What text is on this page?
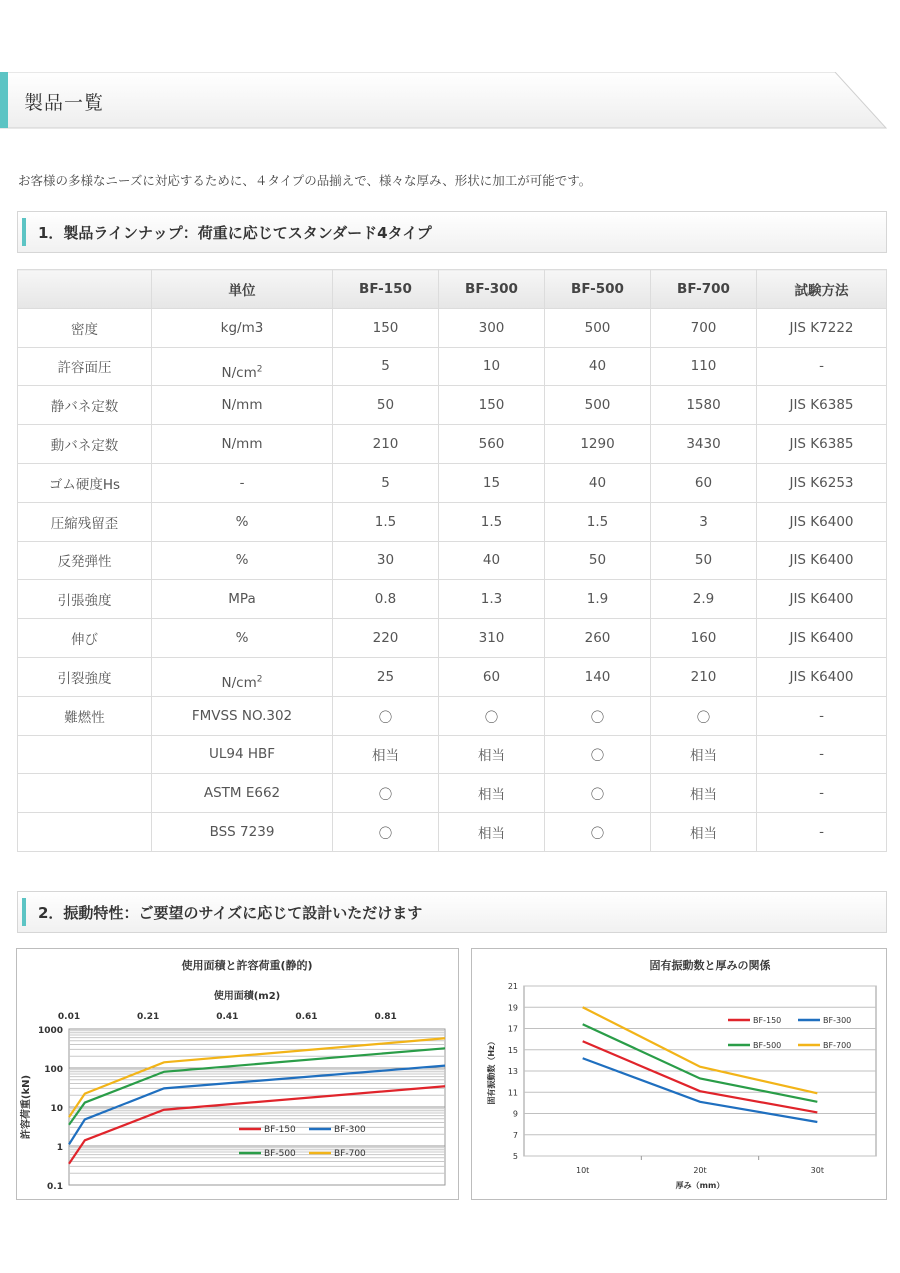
製品一覧
お客様の多様なニーズに対応するために、４タイプの品揃えで、様々な厚み、形状に加工が可能です。
1．製品ラインナップ：荷重に応じてスタンダード4タイプ
	単位	BF-150	BF-300	BF-500	BF-700	試験方法
密度	kg/m3	150	300	500	700	JIS K7222
許容面圧	$N/cm^2$	5	10	40	110	-
静バネ定数	N/mm	50	150	500	1580	JIS K6385
動バネ定数	N/mm	210	560	1290	3430	JIS K6385
ゴム硬度Hs	-	5	15	40	60	JIS K6253
圧縮残留歪	%	1.5	1.5	1.5	3	JIS K6400
反発弾性	%	30	40	50	50	JIS K6400
引張強度	MPa	0.8	1.3	1.9	2.9	JIS K6400
伸び	%	220	310	260	160	JIS K6400
引裂強度	$N/cm^2$	25	60	140	210	JIS K6400
難燃性	FMVSS NO.302	〇	〇	〇	〇	-
	UL94 HBF	相当	相当	〇	相当	-
	ASTM E662	〇	相当	〇	相当	-
	BSS 7239	〇	相当	〇	相当	-
2．振動特性：ご要望のサイズに応じて設計いただけます
使用面積と許容荷重(静的)
使用面積(m2)
0.01	0.21	0.41	0.61	0.81
1000
100
10
1
0.1
許容荷重(kN)	BF-150	BF-300
BF-500	BF-700
21
19
17
15
13
11
9
7
5
固有振動数と厚みの関係
10t	20t	30t
厚み（mm）
固有振動数（Hz）
BF-150	BF-300
BF-500	BF-700
